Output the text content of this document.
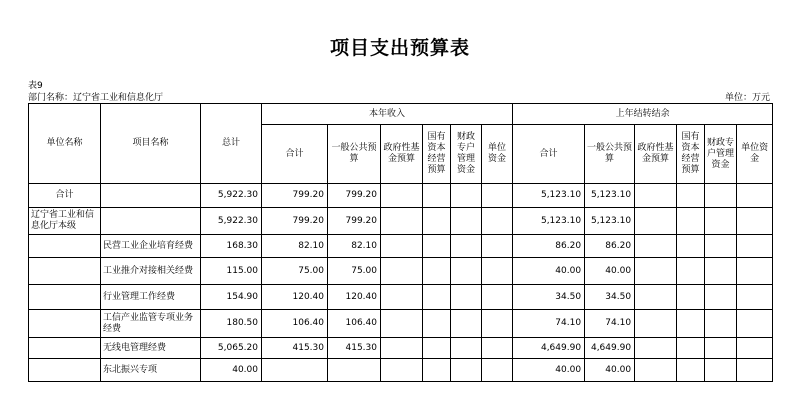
项目支出预算表
表9
部门名称：辽宁省工业和信息化厅	单位：万元
单位名称	项目名称	总计	本年收入						上年结转结余					
			合计	一般公共预算	政府性基金预算	国有资本经营预算	财政专户管理资金	单位资金	合计	一般公共预算	政府性基金预算	国有资本经营预算	财政专户管理资金	单位资金
合计		5,922.30	799.20	799.20					5,123.10	5,123.10				
辽宁省工业和信息化厅本级		5,922.30	799.20	799.20					5,123.10	5,123.10				
	民营工业企业培育经费	168.30	82.10	82.10					86.20	86.20				
	工业推介对接相关经费	115.00	75.00	75.00					40.00	40.00				
	行业管理工作经费	154.90	120.40	120.40					34.50	34.50				
	工信产业监管专项业务经费	180.50	106.40	106.40					74.10	74.10				
	无线电管理经费	5,065.20	415.30	415.30					4,649.90	4,649.90				
	东北振兴专项	40.00							40.00	40.00				
